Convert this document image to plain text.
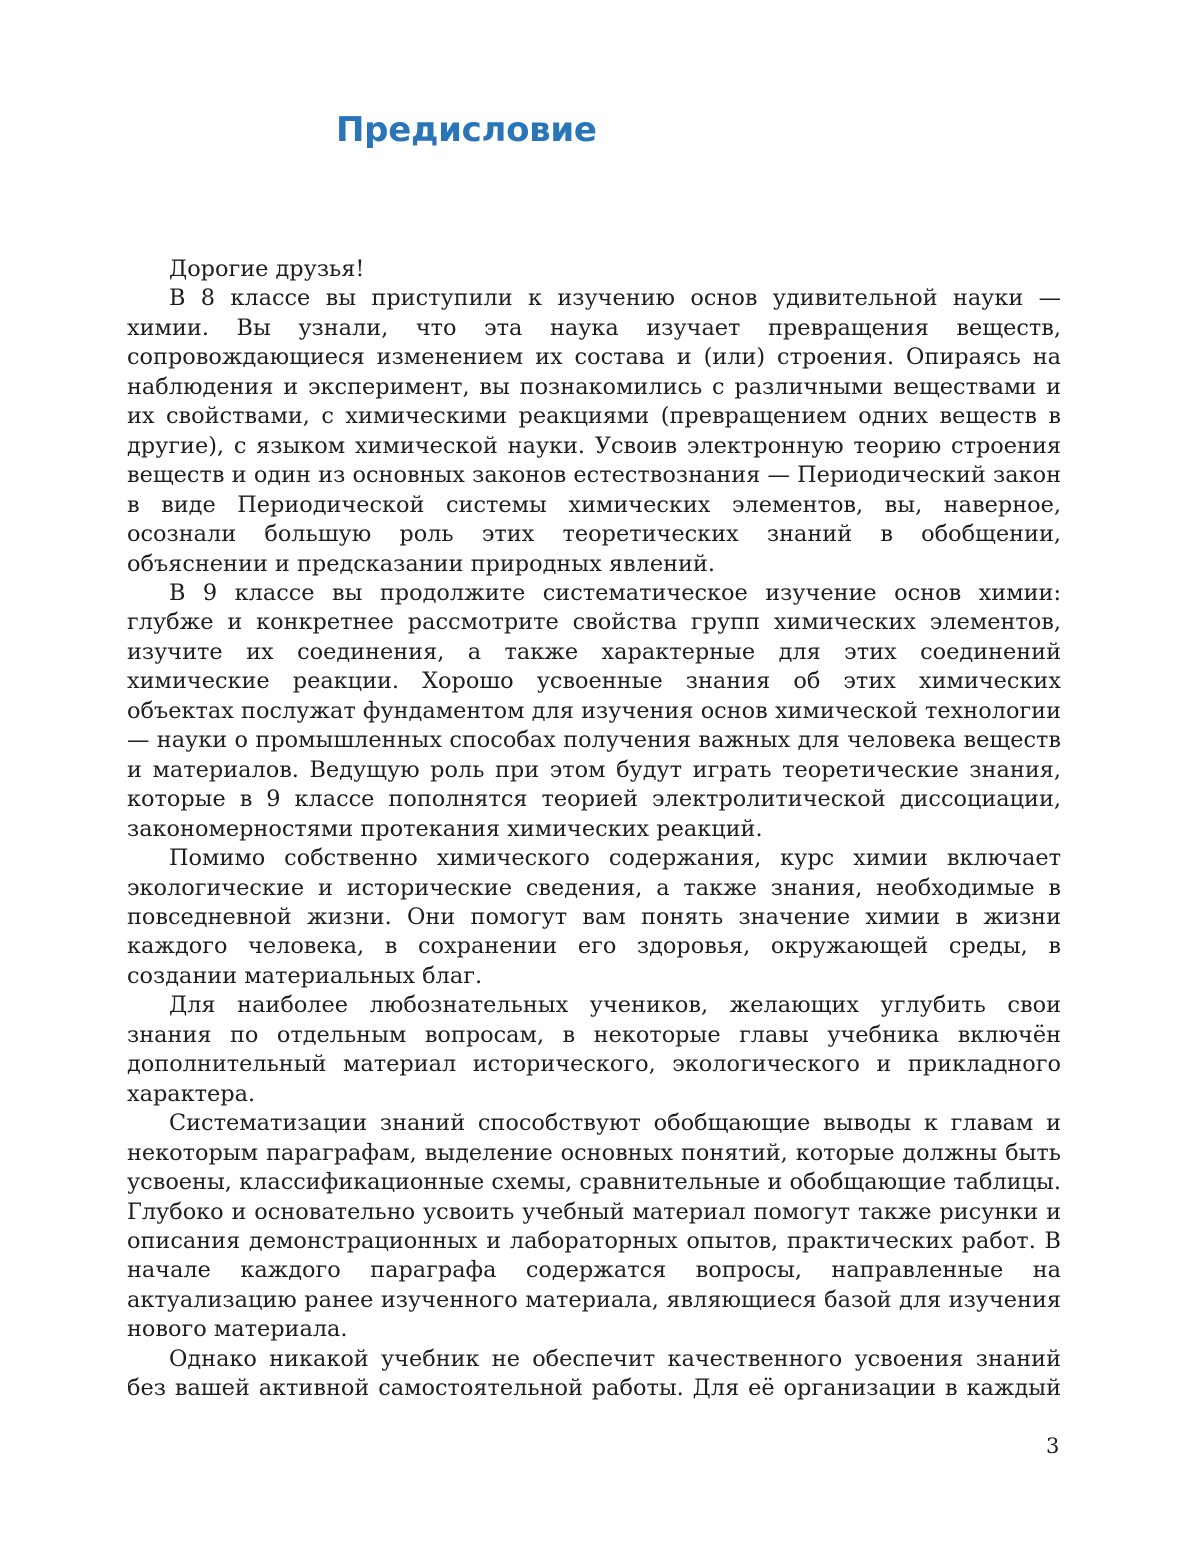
Предисловие

Дорогие друзья!

В 8 классе вы приступили к изучению основ удивительной науки — химии. Вы узнали, что эта наука изучает превращения веществ, сопровождающиеся изменением их состава и (или) строения. Опираясь на наблюдения и эксперимент, вы познакомились с различными веществами и их свойствами, с химическими реакциями (превращением одних веществ в другие), с языком химической науки. Усвоив электронную теорию строения веществ и один из основных законов естествознания — Периодический закон в виде Периодической системы химических элементов, вы, наверное, осознали большую роль этих теоретических знаний в обобщении, объяснении и предсказании природных явлений.

В 9 классе вы продолжите систематическое изучение основ химии: глубже и конкретнее рассмотрите свойства групп химических элементов, изучите их соединения, а также характерные для этих соединений химические реакции. Хорошо усвоенные знания об этих химических объектах послужат фундаментом для изучения основ химической технологии — науки о промышленных способах получения важных для человека веществ и материалов. Ведущую роль при этом будут играть теоретические знания, которые в 9 классе пополнятся теорией электролитической диссоциации, закономерностями протекания химических реакций.

Помимо собственно химического содержания, курс химии включает экологические и исторические сведения, а также знания, необходимые в повседневной жизни. Они помогут вам понять значение химии в жизни каждого человека, в сохранении его здоровья, окружающей среды, в создании материальных благ.

Для наиболее любознательных учеников, желающих углубить свои знания по отдельным вопросам, в некоторые главы учебника включён дополнительный материал исторического, экологического и прикладного характера.

Систематизации знаний способствуют обобщающие выводы к главам и некоторым параграфам, выделение основных понятий, которые должны быть усвоены, классификационные схемы, сравнительные и обобщающие таблицы. Глубоко и основательно усвоить учебный материал помогут также рисунки и описания демонстрационных и лабораторных опытов, практических работ. В начале каждого параграфа содержатся вопросы, направленные на актуализацию ранее изученного материала, являющиеся базой для изучения нового материала.

Однако никакой учебник не обеспечит качественного усвоения знаний без вашей активной самостоятельной работы. Для её организации в каждый

3
